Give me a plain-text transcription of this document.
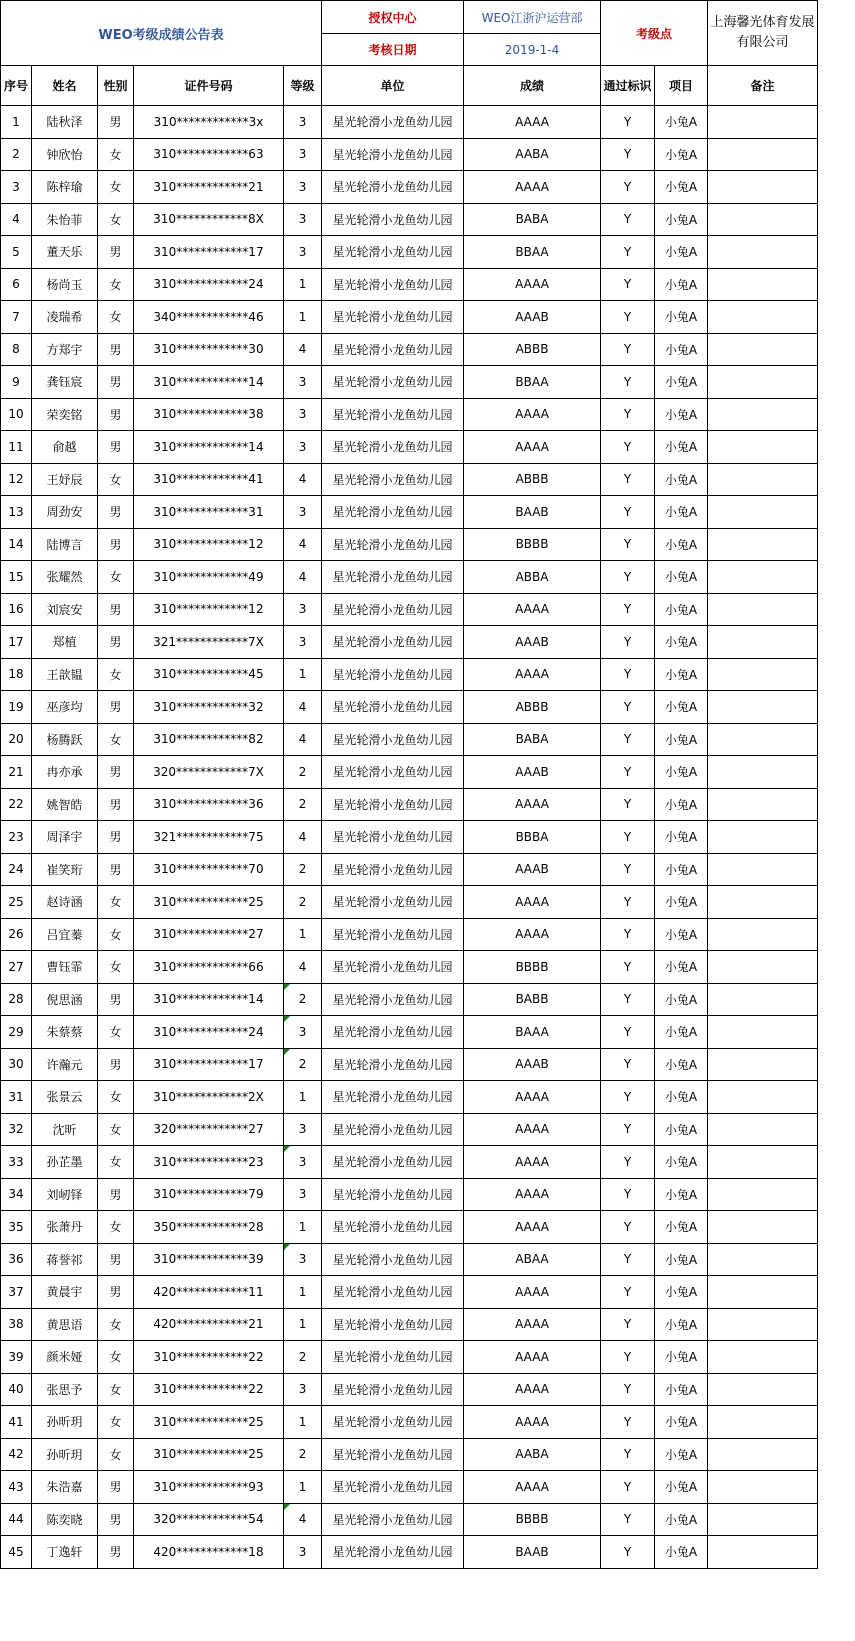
WEO考级成绩公告表					授权中心	WEO江浙沪运营部	考级点		上海馨光体育发展有限公司
					考核日期	2019-1-4			
序号	姓名	性别	证件号码	等级	单位	成绩	通过标识	项目	备注
1	陆秋泽	男	310************3x	3	星光轮滑小龙鱼幼儿园	AAAA	Y	小兔A	
2	钟欣怡	女	310************63	3	星光轮滑小龙鱼幼儿园	AABA	Y	小兔A	
3	陈梓瑜	女	310************21	3	星光轮滑小龙鱼幼儿园	AAAA	Y	小兔A	
4	朱怡菲	女	310************8X	3	星光轮滑小龙鱼幼儿园	BABA	Y	小兔A	
5	董天乐	男	310************17	3	星光轮滑小龙鱼幼儿园	BBAA	Y	小兔A	
6	杨尚玉	女	310************24	1	星光轮滑小龙鱼幼儿园	AAAA	Y	小兔A	
7	凌瑞希	女	340************46	1	星光轮滑小龙鱼幼儿园	AAAB	Y	小兔A	
8	方郑宇	男	310************30	4	星光轮滑小龙鱼幼儿园	ABBB	Y	小兔A	
9	龚钰宸	男	310************14	3	星光轮滑小龙鱼幼儿园	BBAA	Y	小兔A	
10	荣奕铭	男	310************38	3	星光轮滑小龙鱼幼儿园	AAAA	Y	小兔A	
11	俞越	男	310************14	3	星光轮滑小龙鱼幼儿园	AAAA	Y	小兔A	
12	王妤辰	女	310************41	4	星光轮滑小龙鱼幼儿园	ABBB	Y	小兔A	
13	周劲安	男	310************31	3	星光轮滑小龙鱼幼儿园	BAAB	Y	小兔A	
14	陆博言	男	310************12	4	星光轮滑小龙鱼幼儿园	BBBB	Y	小兔A	
15	张耀然	女	310************49	4	星光轮滑小龙鱼幼儿园	ABBA	Y	小兔A	
16	刘宸安	男	310************12	3	星光轮滑小龙鱼幼儿园	AAAA	Y	小兔A	
17	郑植	男	321************7X	3	星光轮滑小龙鱼幼儿园	AAAB	Y	小兔A	
18	王歆韫	女	310************45	1	星光轮滑小龙鱼幼儿园	AAAA	Y	小兔A	
19	巫彦均	男	310************32	4	星光轮滑小龙鱼幼儿园	ABBB	Y	小兔A	
20	杨腾跃	女	310************82	4	星光轮滑小龙鱼幼儿园	BABA	Y	小兔A	
21	冉亦承	男	320************7X	2	星光轮滑小龙鱼幼儿园	AAAB	Y	小兔A	
22	姚智皓	男	310************36	2	星光轮滑小龙鱼幼儿园	AAAA	Y	小兔A	
23	周泽宇	男	321************75	4	星光轮滑小龙鱼幼儿园	BBBA	Y	小兔A	
24	崔笑珩	男	310************70	2	星光轮滑小龙鱼幼儿园	AAAB	Y	小兔A	
25	赵诗涵	女	310************25	2	星光轮滑小龙鱼幼儿园	AAAA	Y	小兔A	
26	吕宜蓁	女	310************27	1	星光轮滑小龙鱼幼儿园	AAAA	Y	小兔A	
27	曹钰霏	女	310************66	4	星光轮滑小龙鱼幼儿园	BBBB	Y	小兔A	
28	倪思涵	男	310************14	2	星光轮滑小龙鱼幼儿园	BABB	Y	小兔A	
29	朱蔡蔡	女	310************24	3	星光轮滑小龙鱼幼儿园	BAAA	Y	小兔A	
30	许瀚元	男	310************17	2	星光轮滑小龙鱼幼儿园	AAAB	Y	小兔A	
31	张景云	女	310************2X	1	星光轮滑小龙鱼幼儿园	AAAA	Y	小兔A	
32	沈昕	女	320************27	3	星光轮滑小龙鱼幼儿园	AAAA	Y	小兔A	
33	孙芷墨	女	310************23	3	星光轮滑小龙鱼幼儿园	AAAA	Y	小兔A	
34	刘屻铎	男	310************79	3	星光轮滑小龙鱼幼儿园	AAAA	Y	小兔A	
35	张萧丹	女	350************28	1	星光轮滑小龙鱼幼儿园	AAAA	Y	小兔A	
36	蒋誉祁	男	310************39	3	星光轮滑小龙鱼幼儿园	ABAA	Y	小兔A	
37	黄晨宇	男	420************11	1	星光轮滑小龙鱼幼儿园	AAAA	Y	小兔A	
38	黄思语	女	420************21	1	星光轮滑小龙鱼幼儿园	AAAA	Y	小兔A	
39	颜米娅	女	310************22	2	星光轮滑小龙鱼幼儿园	AAAA	Y	小兔A	
40	张思予	女	310************22	3	星光轮滑小龙鱼幼儿园	AAAA	Y	小兔A	
41	孙昕玥	女	310************25	1	星光轮滑小龙鱼幼儿园	AAAA	Y	小兔A	
42	孙昕玥	女	310************25	2	星光轮滑小龙鱼幼儿园	AABA	Y	小兔A	
43	朱浩嘉	男	310************93	1	星光轮滑小龙鱼幼儿园	AAAA	Y	小兔A	
44	陈奕晓	男	320************54	4	星光轮滑小龙鱼幼儿园	BBBB	Y	小兔A	
45	丁逸轩	男	420************18	3	星光轮滑小龙鱼幼儿园	BAAB	Y	小兔A	
